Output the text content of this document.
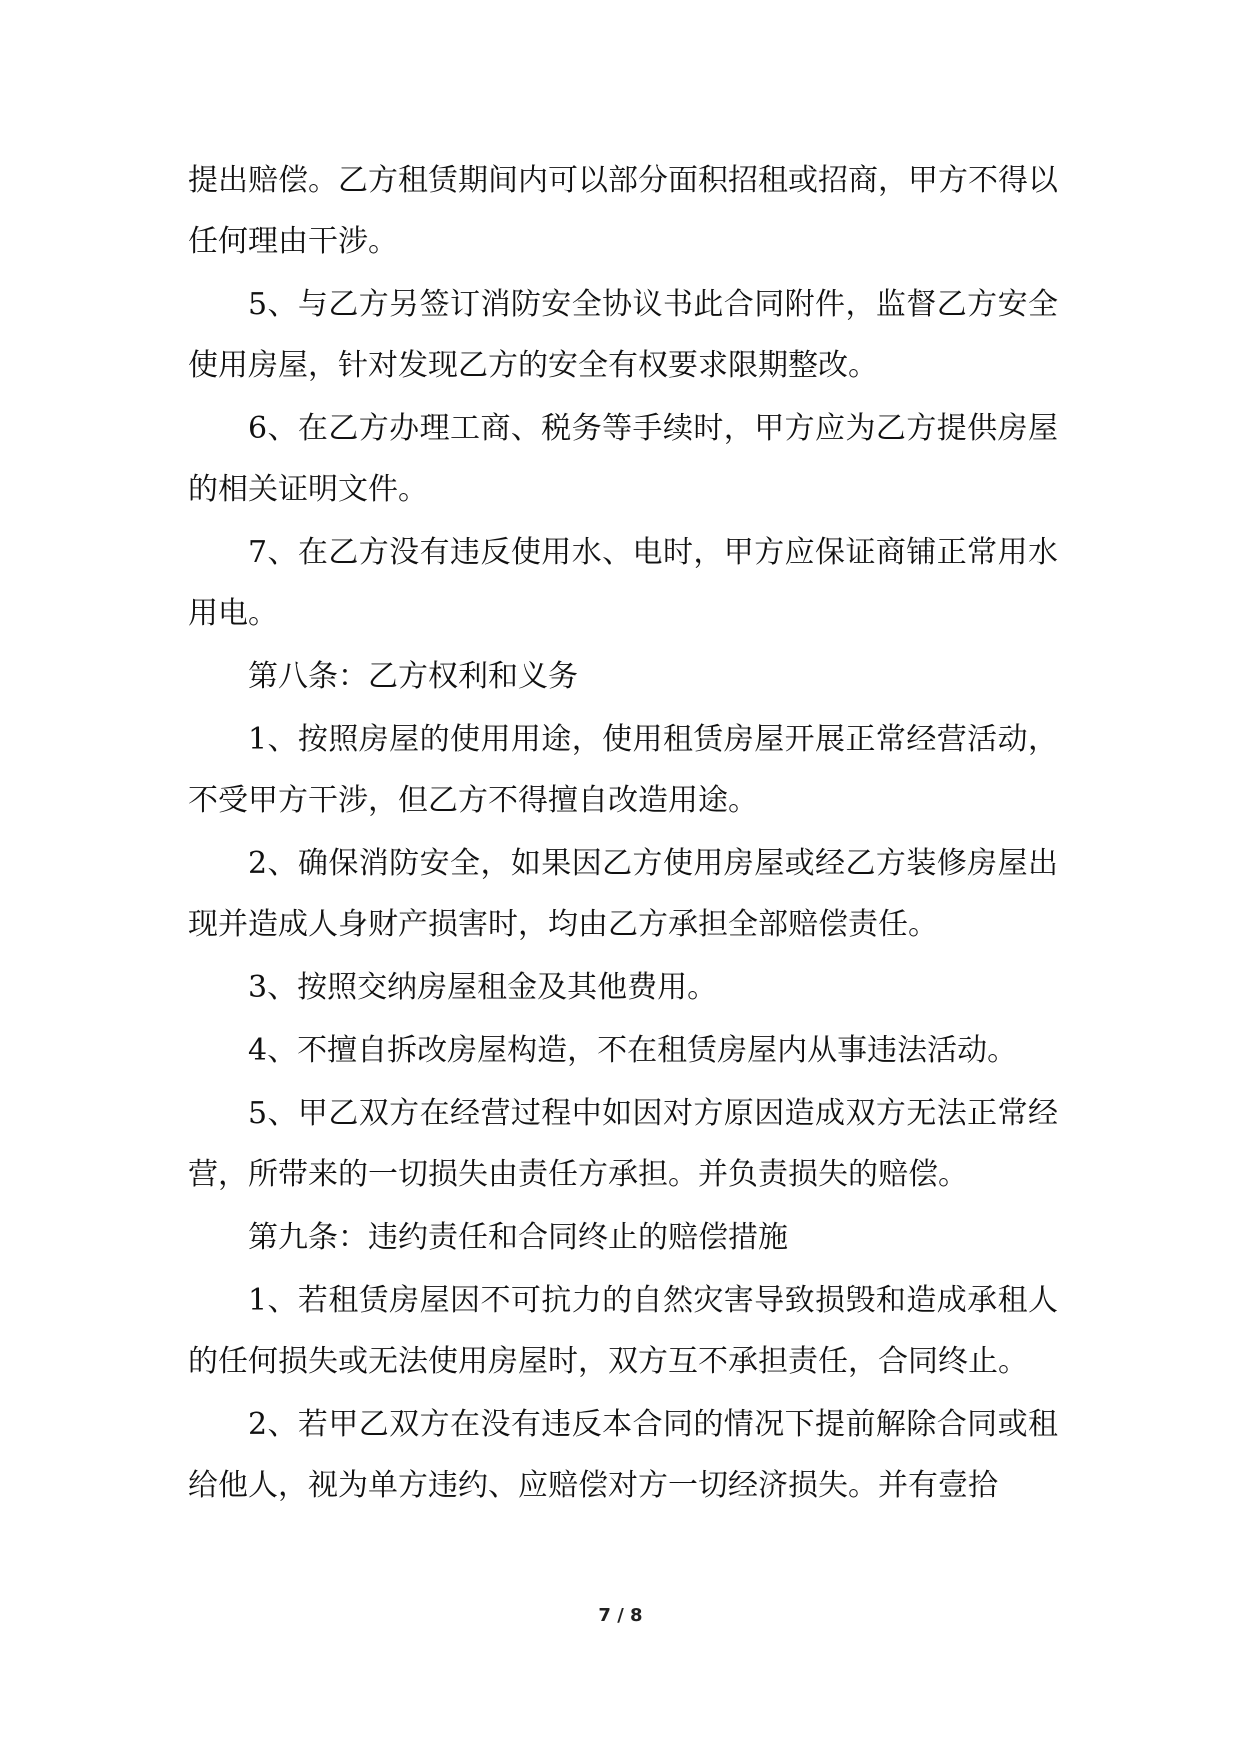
提出赔偿。乙方租赁期间内可以部分面积招租或招商，甲方不得以任何理由干涉。

5、与乙方另签订消防安全协议书此合同附件，监督乙方安全使用房屋，针对发现乙方的安全有权要求限期整改。

6、在乙方办理工商、税务等手续时，甲方应为乙方提供房屋的相关证明文件。

7、在乙方没有违反使用水、电时，甲方应保证商铺正常用水用电。

第八条：乙方权利和义务

1、按照房屋的使用用途，使用租赁房屋开展正常经营活动，不受甲方干涉，但乙方不得擅自改造用途。

2、确保消防安全，如果因乙方使用房屋或经乙方装修房屋出现并造成人身财产损害时，均由乙方承担全部赔偿责任。

3、按照交纳房屋租金及其他费用。

4、不擅自拆改房屋构造，不在租赁房屋内从事违法活动。

5、甲乙双方在经营过程中如因对方原因造成双方无法正常经营，所带来的一切损失由责任方承担。并负责损失的赔偿。

第九条：违约责任和合同终止的赔偿措施

1、若租赁房屋因不可抗力的自然灾害导致损毁和造成承租人的任何损失或无法使用房屋时，双方互不承担责任，合同终止。

2、若甲乙双方在没有违反本合同的情况下提前解除合同或租给他人，视为单方违约、应赔偿对方一切经济损失。并有壹拾

7 / 8
